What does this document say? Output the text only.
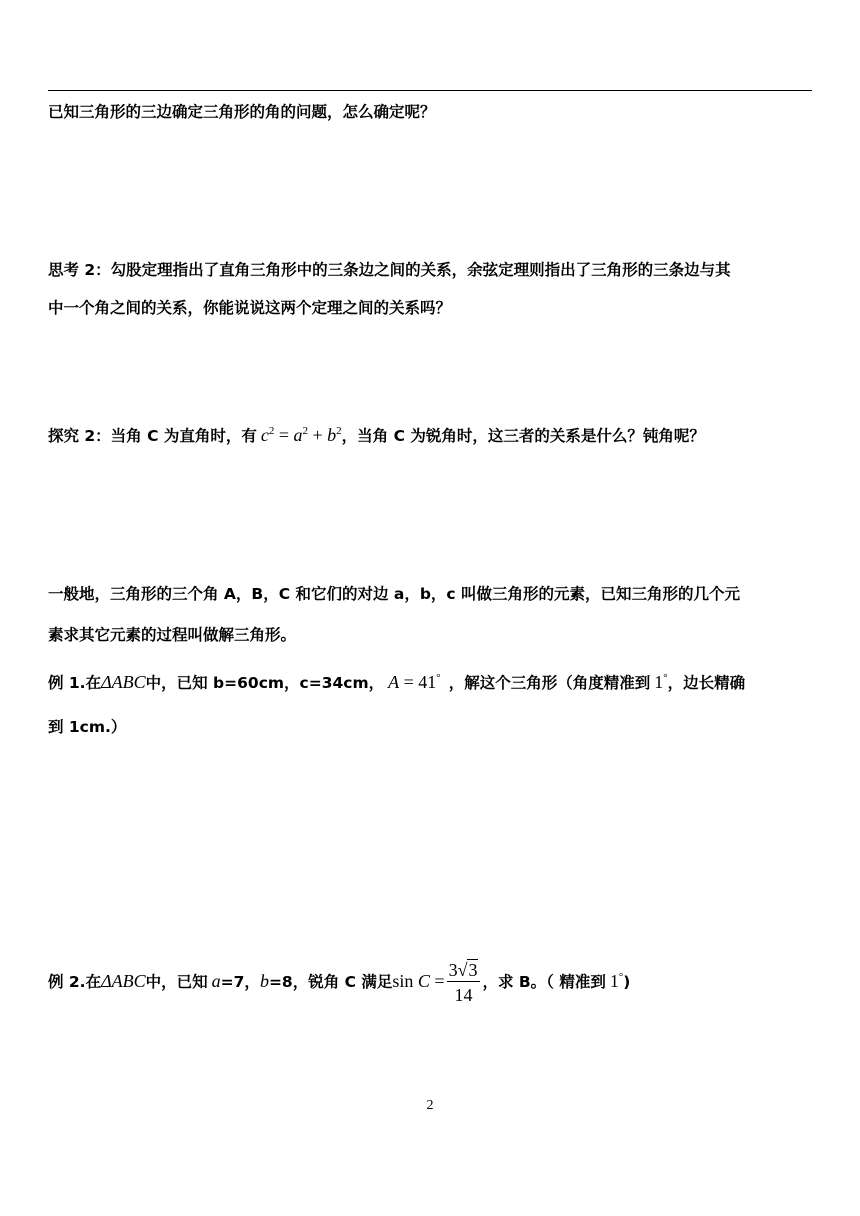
已知三角形的三边确定三角形的角的问题，怎么确定呢？
思考 2：勾股定理指出了直角三角形中的三条边之间的关系，余弦定理则指出了三角形的三条边与其
中一个角之间的关系，你能说说这两个定理之间的关系吗？
探究 2：当角 C 为直角时，有 $c^2 = a^2 + b^2$，当角 C 为锐角时，这三者的关系是什么？钝角呢？
一般地，三角形的三个角 A，B，C 和它们的对边 a，b，c 叫做三角形的元素，已知三角形的几个元
素求其它元素的过程叫做解三角形。
例 1.在ΔABC中，已知 b=60cm，c=34cm， A = 41° ，解这个三角形（角度精准到 1°，边长精确
到 1cm.）
例 2.在ΔABC中，已知 a=7，b=8，锐角 C 满足$\sin C = \frac{3√3}{14}$ ，求 B。（ 精准到 1°)
2
